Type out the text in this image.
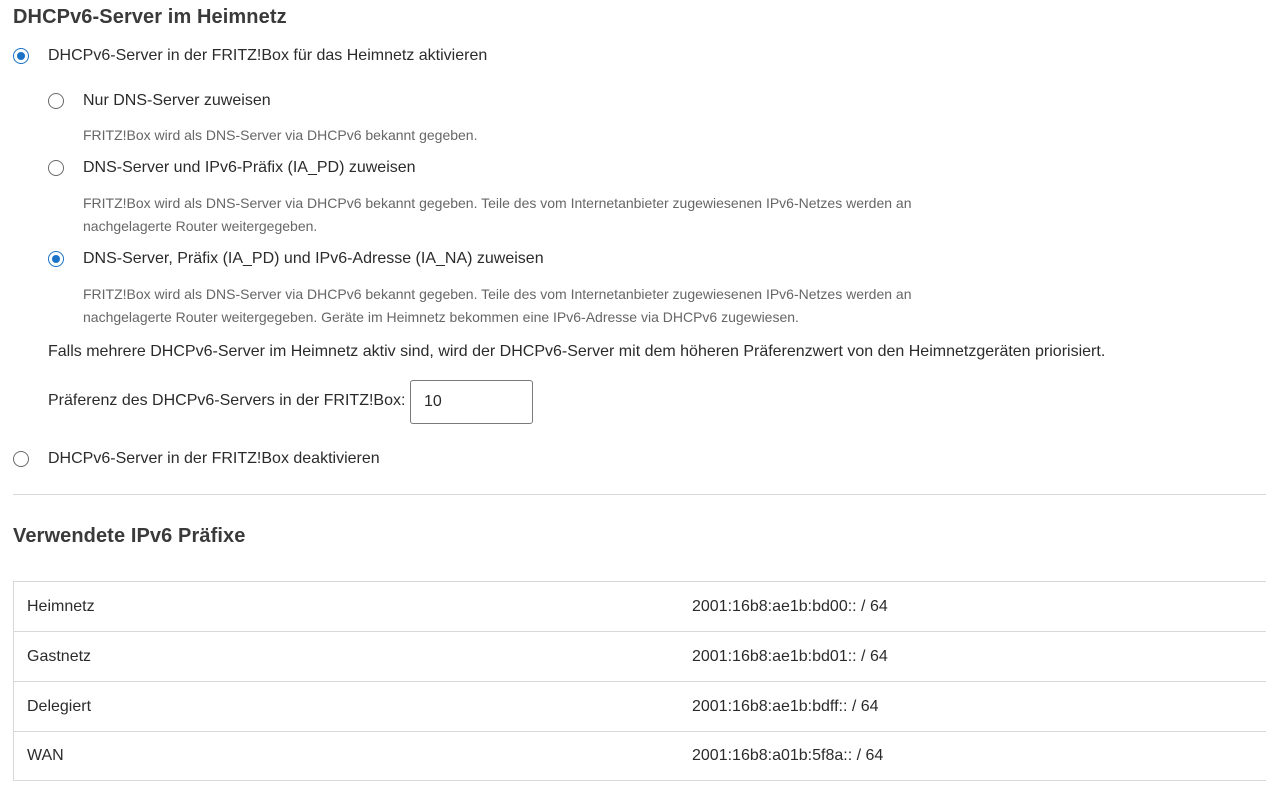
DHCPv6-Server im Heimnetz
DHCPv6-Server in der FRITZ!Box für das Heimnetz aktivieren
Nur DNS-Server zuweisen

FRITZ!Box wird als DNS-Server via DHCPv6 bekannt gegeben.

DNS-Server und IPv6-Präfix (IA_PD) zuweisen

FRITZ!Box wird als DNS-Server via DHCPv6 bekannt gegeben. Teile des vom Internetanbieter zugewiesenen IPv6-Netzes werden an
nachgelagerte Router weitergegeben.

DNS-Server, Präfix (IA_PD) und IPv6-Adresse (IA_NA) zuweisen

FRITZ!Box wird als DNS-Server via DHCPv6 bekannt gegeben. Teile des vom Internetanbieter zugewiesenen IPv6-Netzes werden an
nachgelagerte Router weitergegeben. Geräte im Heimnetz bekommen eine IPv6-Adresse via DHCPv6 zugewiesen.

Falls mehrere DHCPv6-Server im Heimnetz aktiv sind, wird der DHCPv6-Server mit dem höheren Präferenzwert von den Heimnetzgeräten priorisiert.

Präferenz des DHCPv6-Servers in der FRITZ!Box:
10
DHCPv6-Server in der FRITZ!Box deaktivieren
Verwendete IPv6 Präfixe
Heimnetz	2001:16b8:ae1b:bd00:: / 64
Gastnetz	2001:16b8:ae1b:bd01:: / 64
Delegiert	2001:16b8:ae1b:bdff:: / 64
WAN	2001:16b8:a01b:5f8a:: / 64
